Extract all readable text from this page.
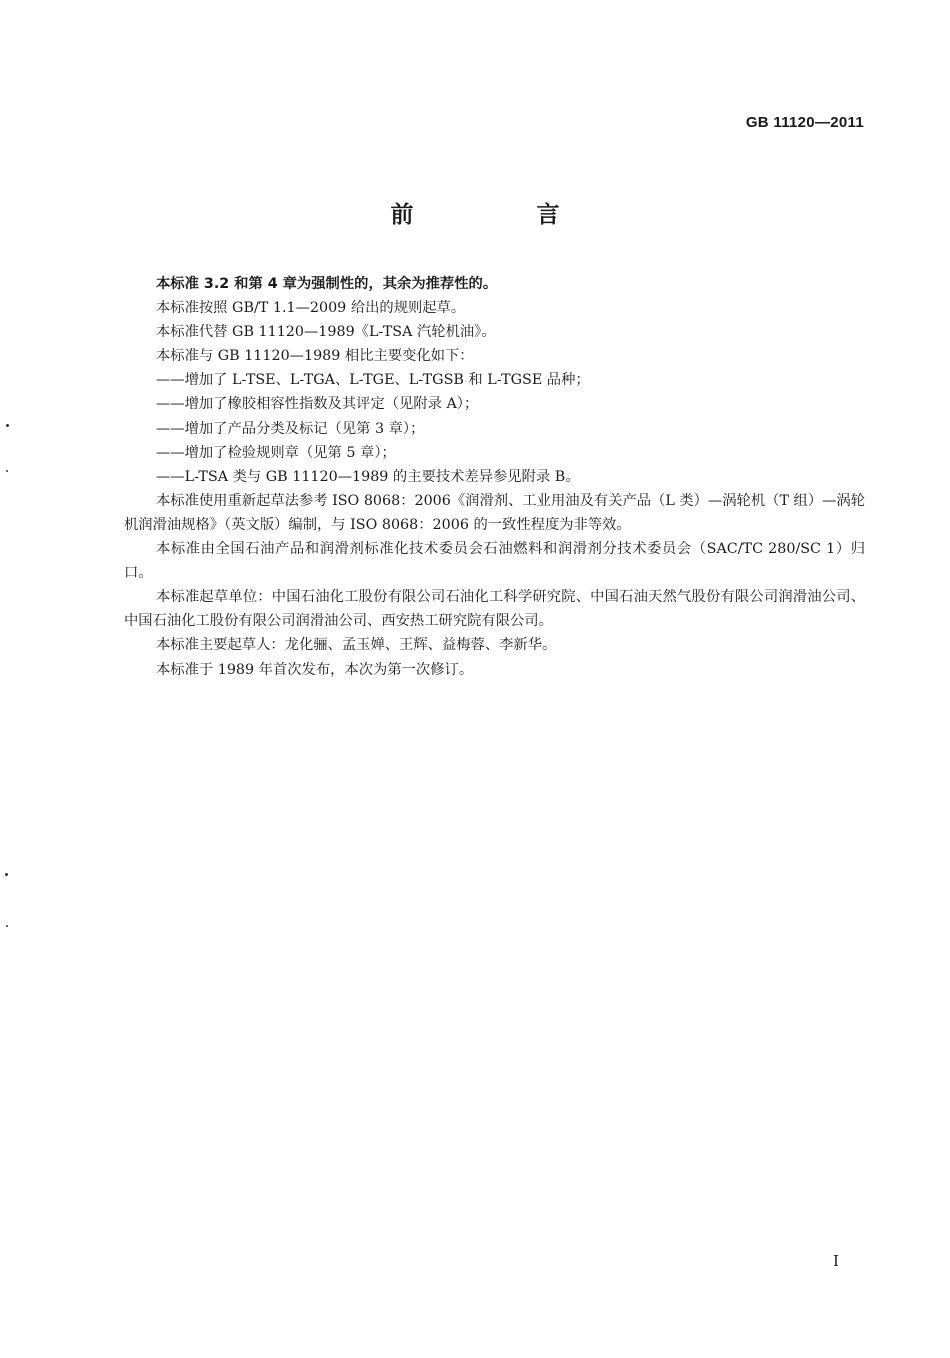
GB 11120—2011
前　言

本标准 3.2 和第 4 章为强制性的，其余为推荐性的。

本标准按照 GB/T 1.1—2009 给出的规则起草。

本标准代替 GB 11120—1989《L-TSA 汽轮机油》。

本标准与 GB 11120—1989 相比主要变化如下：

——增加了 L-TSE、L-TGA、L-TGE、L-TGSB 和 L-TGSE 品种；

——增加了橡胶相容性指数及其评定（见附录 A）；

——增加了产品分类及标记（见第 3 章）；

——增加了检验规则章（见第 5 章）；

——L-TSA 类与 GB 11120—1989 的主要技术差异参见附录 B。

本标准使用重新起草法参考 ISO 8068：2006《润滑剂、工业用油及有关产品（L 类）—涡轮机（T 组）—涡轮机润滑油规格》（英文版）编制，与 ISO 8068：2006 的一致性程度为非等效。

本标准由全国石油产品和润滑剂标准化技术委员会石油燃料和润滑剂分技术委员会（SAC/TC 280/SC 1）归口。

本标准起草单位：中国石油化工股份有限公司石油化工科学研究院、中国石油天然气股份有限公司润滑油公司、中国石油化工股份有限公司润滑油公司、西安热工研究院有限公司。

本标准主要起草人：龙化骊、孟玉婵、王辉、益梅蓉、李新华。

本标准于 1989 年首次发布，本次为第一次修订。

I
